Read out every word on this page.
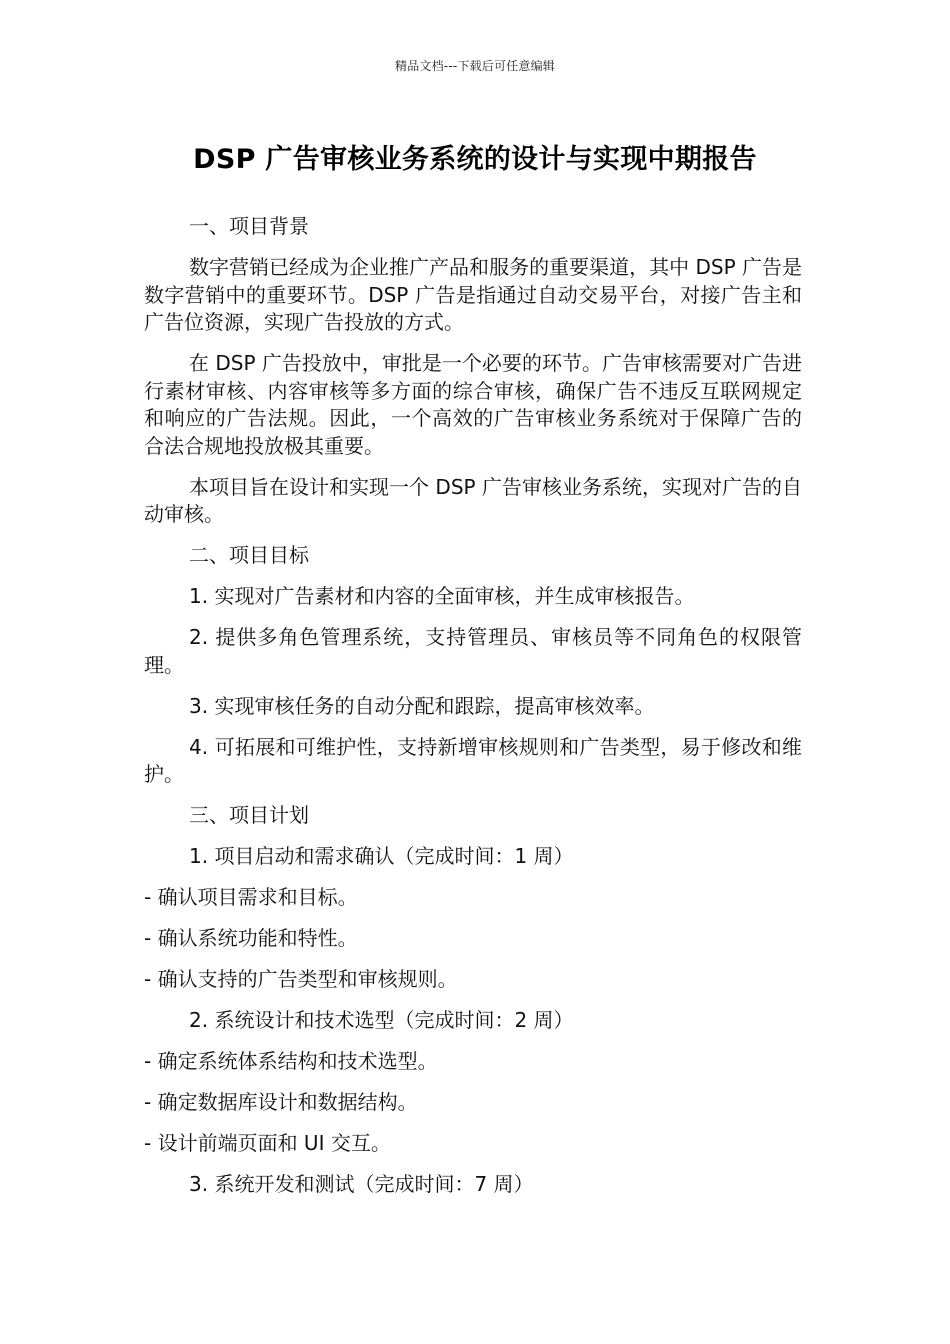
精品文档---下载后可任意编辑
DSP 广告审核业务系统的设计与实现中期报告

一、项目背景

数字营销已经成为企业推广产品和服务的重要渠道，其中 DSP 广告是数字营销中的重要环节。DSP 广告是指通过自动交易平台，对接广告主和广告位资源，实现广告投放的方式。

在 DSP 广告投放中，审批是一个必要的环节。广告审核需要对广告进行素材审核、内容审核等多方面的综合审核，确保广告不违反互联网规定和响应的广告法规。因此，一个高效的广告审核业务系统对于保障广告的合法合规地投放极其重要。

本项目旨在设计和实现一个 DSP 广告审核业务系统，实现对广告的自动审核。

二、项目目标

1. 实现对广告素材和内容的全面审核，并生成审核报告。

2. 提供多角色管理系统，支持管理员、审核员等不同角色的权限管理。

3. 实现审核任务的自动分配和跟踪，提高审核效率。

4. 可拓展和可维护性，支持新增审核规则和广告类型，易于修改和维护。

三、项目计划

1. 项目启动和需求确认（完成时间：1 周）

- 确认项目需求和目标。

- 确认系统功能和特性。

- 确认支持的广告类型和审核规则。

2. 系统设计和技术选型（完成时间：2 周）

- 确定系统体系结构和技术选型。

- 确定数据库设计和数据结构。

- 设计前端页面和 UI 交互。

3. 系统开发和测试（完成时间：7 周）
